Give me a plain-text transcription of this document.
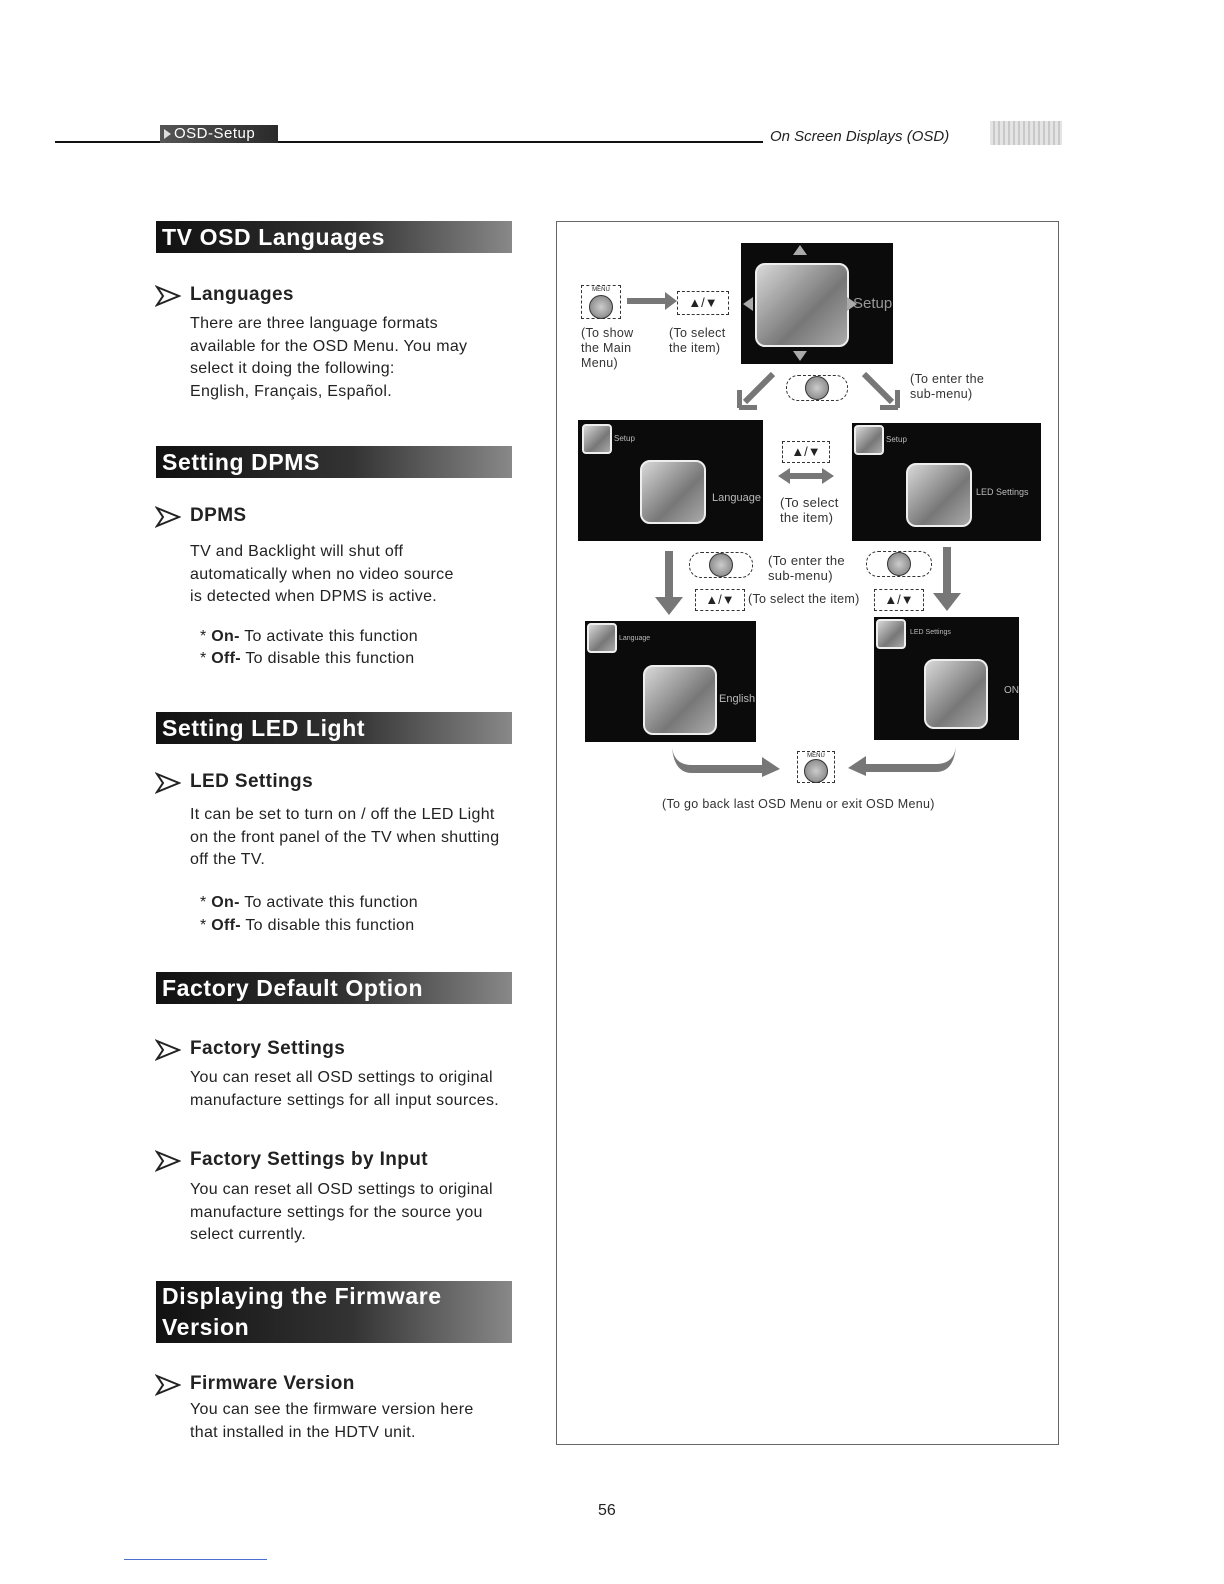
OSD-Setup	On Screen Displays (OSD)
TV OSD Languages
Languages
There are three language formats
available for the OSD Menu. You may
select it doing the following:
English, Français, Español.
Setting DPMS
DPMS
TV and Backlight will shut off
automatically when no video source
is detected when DPMS is active.
* On- To activate this function
* Off- To disable this function
Setting LED Light
LED Settings
It can be set to turn on / off the LED Light
on the front panel of the TV when shutting
off the TV.
* On- To activate this function
* Off- To disable this function
Factory Default Option
Factory Settings
You can reset all OSD settings to original
manufacture settings for all input sources.
Factory Settings by Input
You can reset all OSD settings to original
manufacture settings for the source you
select currently.
Displaying the Firmware
Version
Firmware Version
You can see the firmware version here
that installed in the HDTV unit.
MENU
▲/▼
(To show
the Main
Menu)
(To select
the item)
Setup
(To enter the
sub-menu)
Setup
Language
▲/▼
(To select
the item)
Setup
LED Settings
(To enter the
sub-menu)
▲/▼	(To select the item)	▲/▼
Language
English
LED Settings
ON
MENU
(To go back last OSD Menu or exit OSD Menu)
56
